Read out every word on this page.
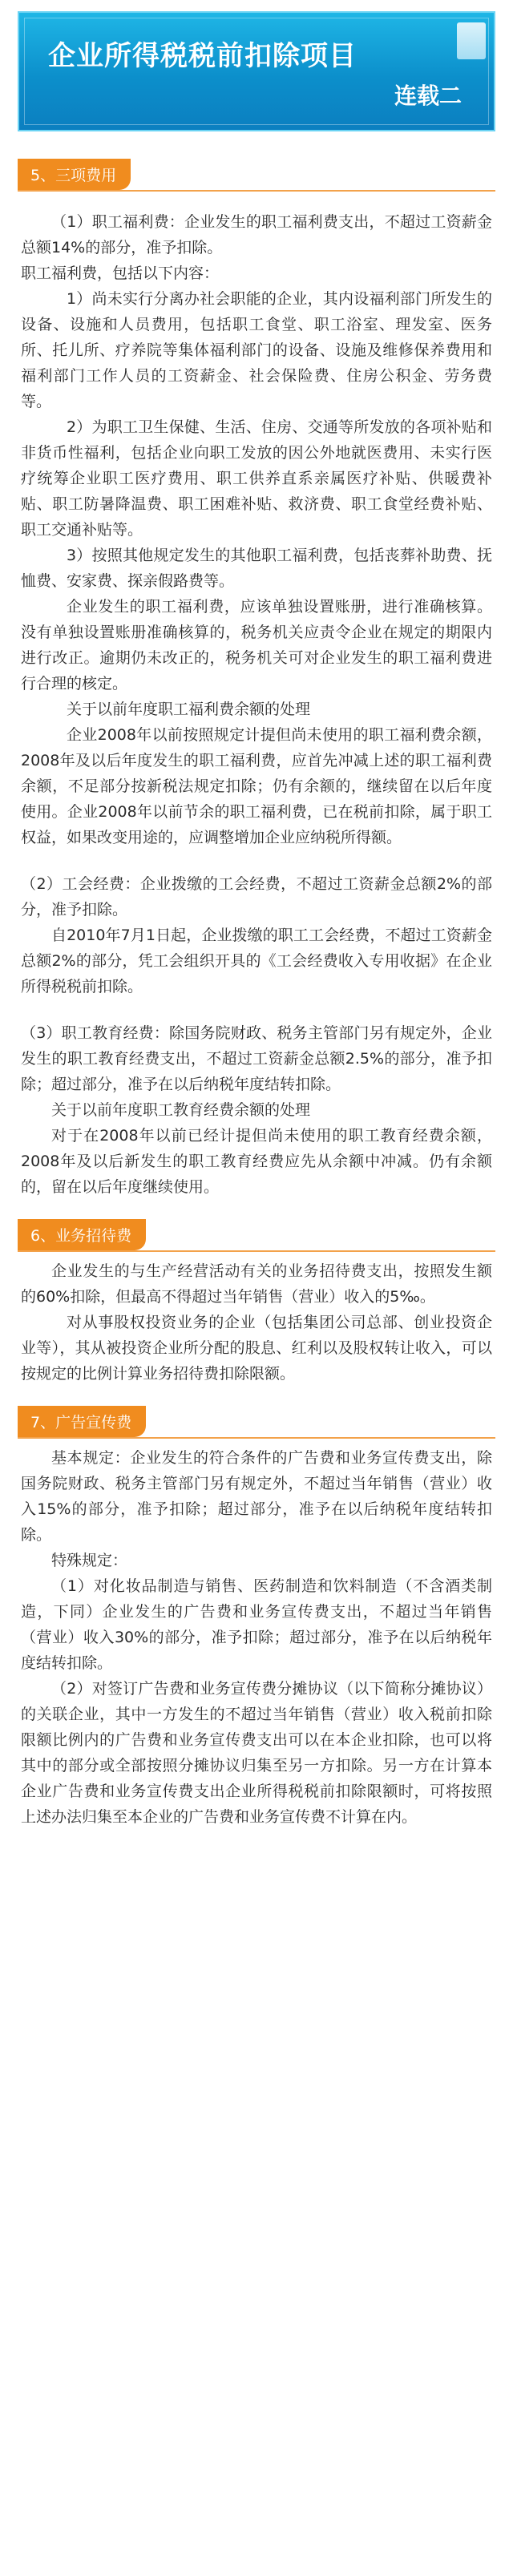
企业所得税税前扣除项目
连载二
5、三项费用

（1）职工福利费：企业发生的职工福利费支出，不超过工资薪金总额14%的部分，准予扣除。

职工福利费，包括以下内容：

1）尚未实行分离办社会职能的企业，其内设福利部门所发生的设备、设施和人员费用，包括职工食堂、职工浴室、理发室、医务所、托儿所、疗养院等集体福利部门的设备、设施及维修保养费用和福利部门工作人员的工资薪金、社会保险费、住房公积金、劳务费等。

2）为职工卫生保健、生活、住房、交通等所发放的各项补贴和非货币性福利，包括企业向职工发放的因公外地就医费用、未实行医疗统筹企业职工医疗费用、职工供养直系亲属医疗补贴、供暖费补贴、职工防暑降温费、职工困难补贴、救济费、职工食堂经费补贴、职工交通补贴等。

3）按照其他规定发生的其他职工福利费，包括丧葬补助费、抚恤费、安家费、探亲假路费等。

企业发生的职工福利费，应该单独设置账册，进行准确核算。没有单独设置账册准确核算的，税务机关应责令企业在规定的期限内进行改正。逾期仍未改正的，税务机关可对企业发生的职工福利费进行合理的核定。

关于以前年度职工福利费余额的处理

企业2008年以前按照规定计提但尚未使用的职工福利费余额，2008年及以后年度发生的职工福利费，应首先冲减上述的职工福利费余额，不足部分按新税法规定扣除；仍有余额的，继续留在以后年度使用。企业2008年以前节余的职工福利费，已在税前扣除，属于职工权益，如果改变用途的，应调整增加企业应纳税所得额。

（2）工会经费：企业拨缴的工会经费，不超过工资薪金总额2%的部分，准予扣除。

自2010年7月1日起，企业拨缴的职工工会经费，不超过工资薪金总额2%的部分，凭工会组织开具的《工会经费收入专用收据》在企业所得税税前扣除。

（3）职工教育经费：除国务院财政、税务主管部门另有规定外，企业发生的职工教育经费支出，不超过工资薪金总额2.5%的部分，准予扣除；超过部分，准予在以后纳税年度结转扣除。

关于以前年度职工教育经费余额的处理

对于在2008年以前已经计提但尚未使用的职工教育经费余额，2008年及以后新发生的职工教育经费应先从余额中冲减。仍有余额的，留在以后年度继续使用。

6、业务招待费

企业发生的与生产经营活动有关的业务招待费支出，按照发生额的60%扣除，但最高不得超过当年销售（营业）收入的5‰。

对从事股权投资业务的企业（包括集团公司总部、创业投资企业等），其从被投资企业所分配的股息、红利以及股权转让收入，可以按规定的比例计算业务招待费扣除限额。

7、广告宣传费

基本规定：企业发生的符合条件的广告费和业务宣传费支出，除国务院财政、税务主管部门另有规定外，不超过当年销售（营业）收入15%的部分，准予扣除；超过部分，准予在以后纳税年度结转扣除。

特殊规定：

（1）对化妆品制造与销售、医药制造和饮料制造（不含酒类制造，下同）企业发生的广告费和业务宣传费支出，不超过当年销售（营业）收入30%的部分，准予扣除；超过部分，准予在以后纳税年度结转扣除。

（2）对签订广告费和业务宣传费分摊协议（以下简称分摊协议）的关联企业，其中一方发生的不超过当年销售（营业）收入税前扣除限额比例内的广告费和业务宣传费支出可以在本企业扣除，也可以将其中的部分或全部按照分摊协议归集至另一方扣除。另一方在计算本企业广告费和业务宣传费支出企业所得税税前扣除限额时，可将按照上述办法归集至本企业的广告费和业务宣传费不计算在内。
